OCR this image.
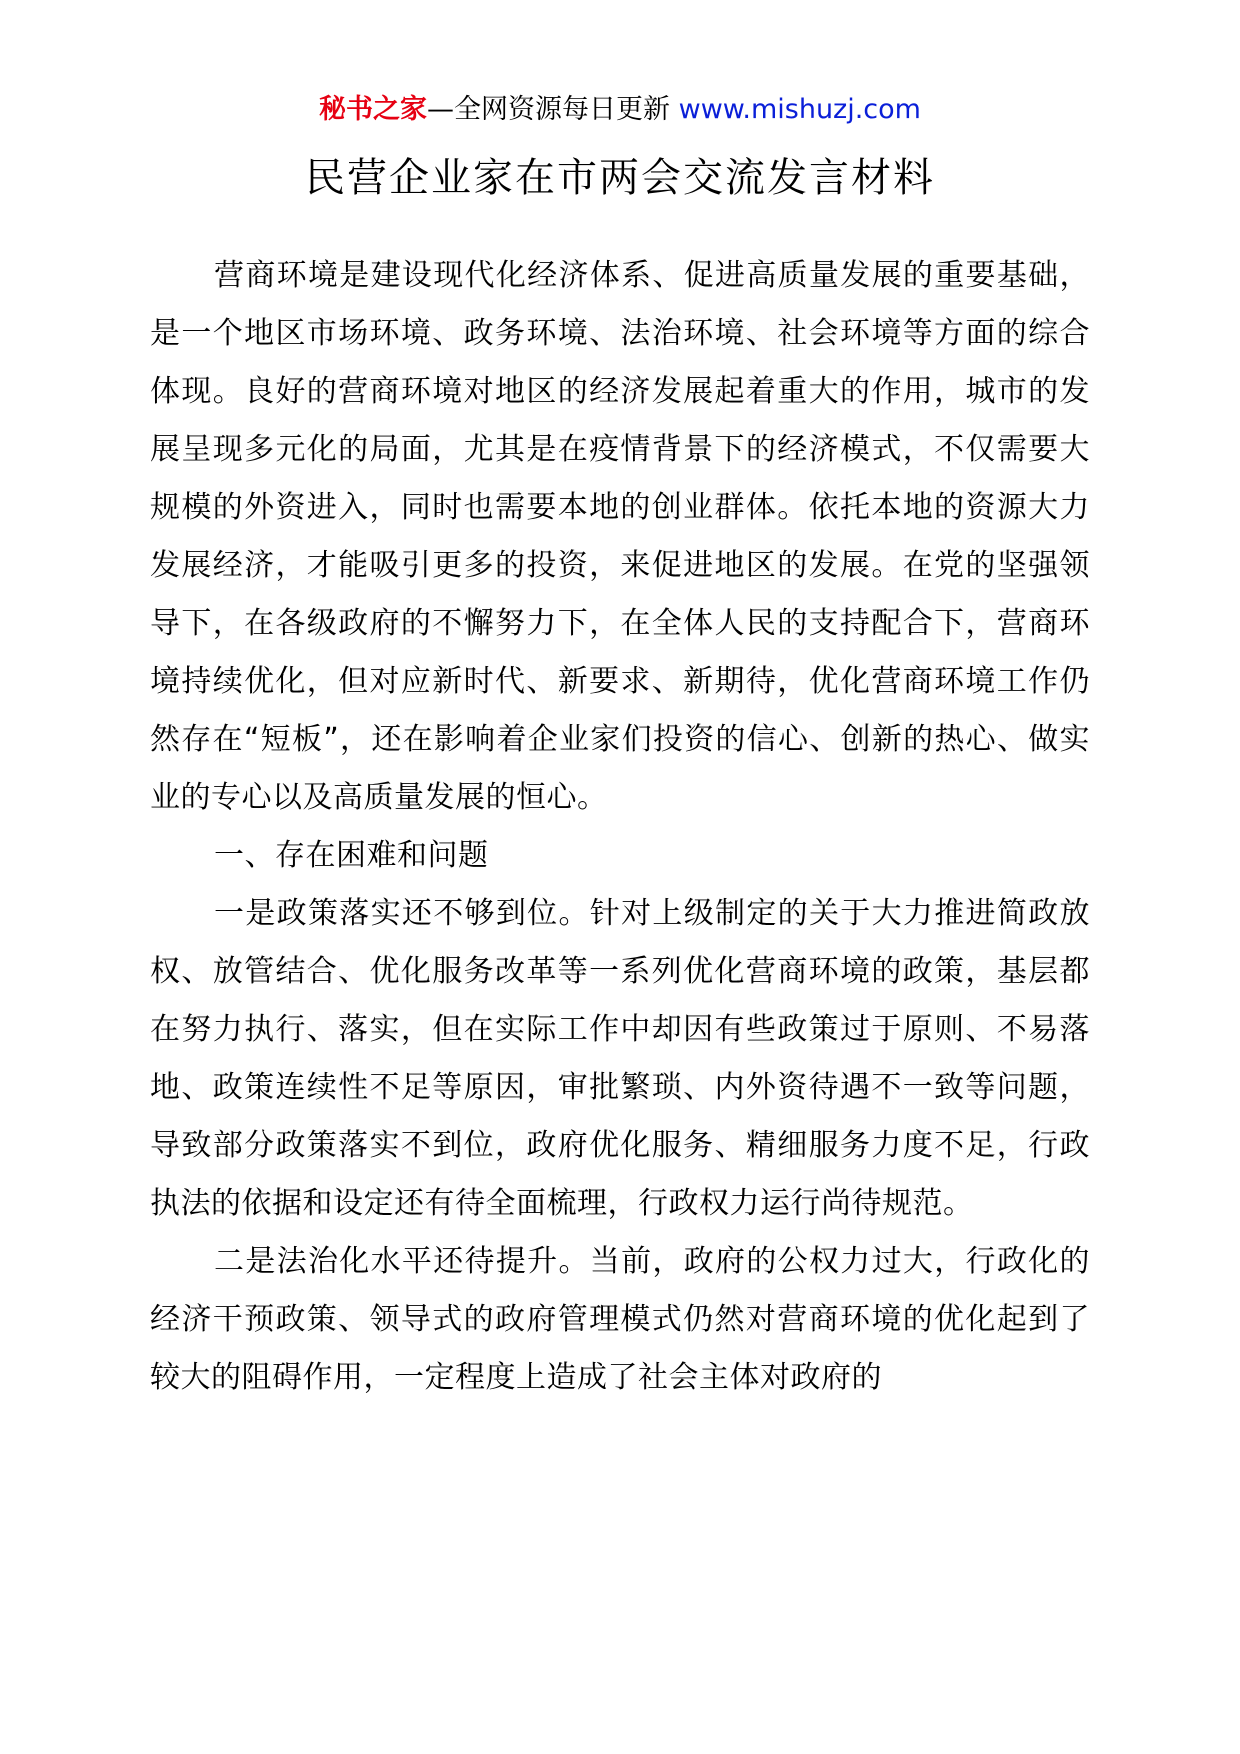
秘书之家—全网资源每日更新 www.mishuzj.com
民营企业家在市两会交流发言材料

营商环境是建设现代化经济体系、促进高质量发展的重要基础，是一个地区市场环境、政务环境、法治环境、社会环境等方面的综合体现。良好的营商环境对地区的经济发展起着重大的作用，城市的发展呈现多元化的局面，尤其是在疫情背景下的经济模式，不仅需要大规模的外资进入，同时也需要本地的创业群体。依托本地的资源大力发展经济，才能吸引更多的投资，来促进地区的发展。在党的坚强领导下，在各级政府的不懈努力下，在全体人民的支持配合下，营商环境持续优化，但对应新时代、新要求、新期待，优化营商环境工作仍然存在“短板”，还在影响着企业家们投资的信心、创新的热心、做实业的专心以及高质量发展的恒心。

一、存在困难和问题

一是政策落实还不够到位。针对上级制定的关于大力推进简政放权、放管结合、优化服务改革等一系列优化营商环境的政策，基层都在努力执行、落实，但在实际工作中却因有些政策过于原则、不易落地、政策连续性不足等原因，审批繁琐、内外资待遇不一致等问题，导致部分政策落实不到位，政府优化服务、精细服务力度不足，行政执法的依据和设定还有待全面梳理，行政权力运行尚待规范。

二是法治化水平还待提升。当前，政府的公权力过大，行政化的经济干预政策、领导式的政府管理模式仍然对营商环境的优化起到了较大的阻碍作用，一定程度上造成了社会主体对政府的
